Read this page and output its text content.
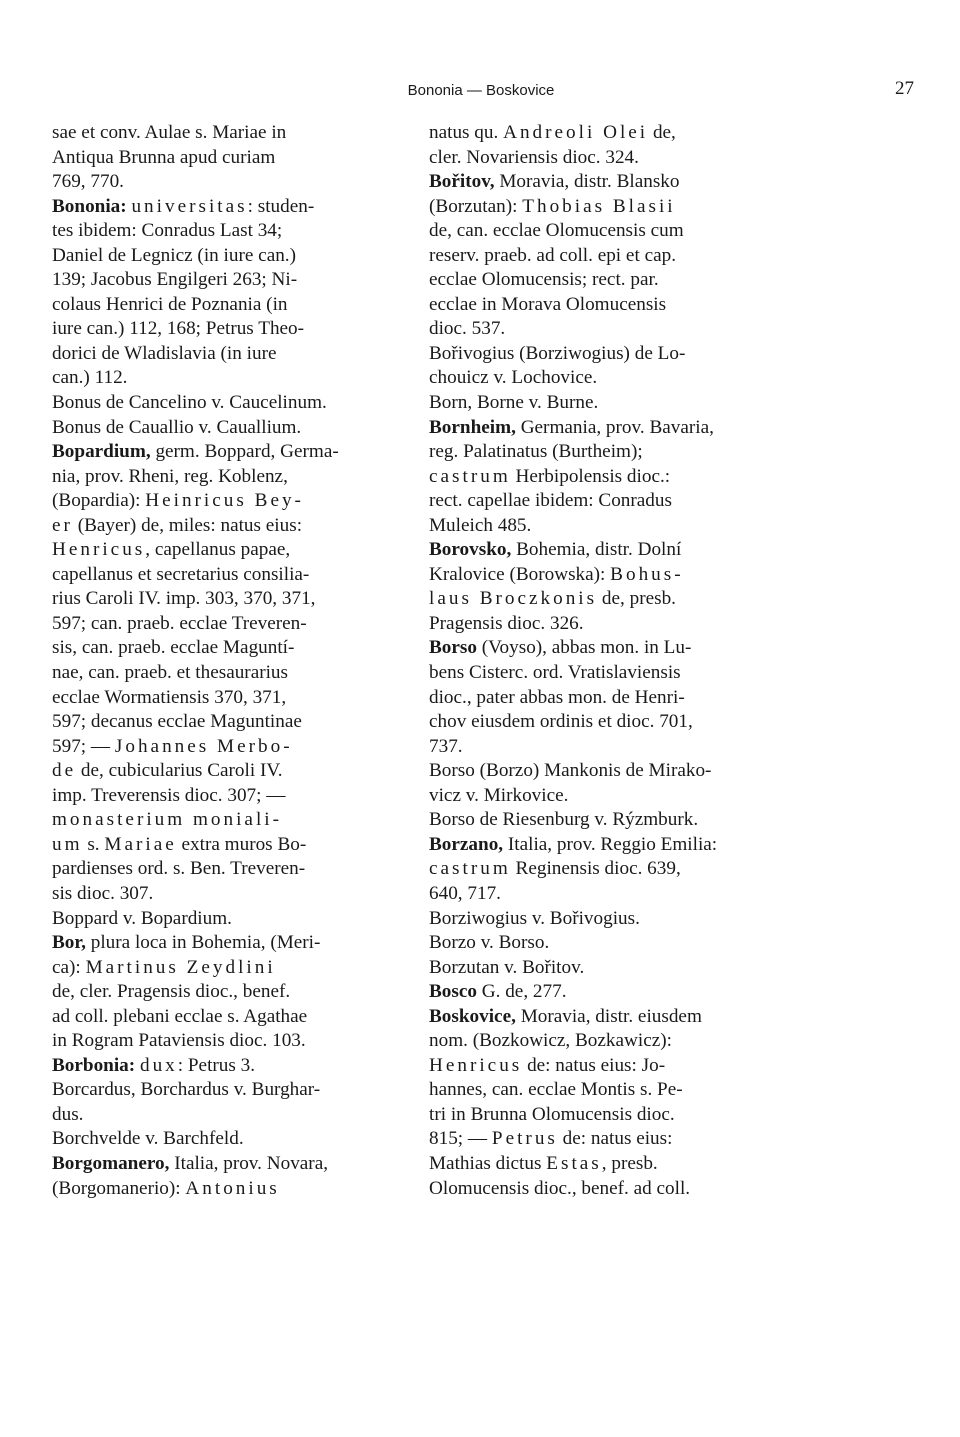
Bononia — Boskovice	27
sae et conv. Aulae s. Mariae in
Antiqua Brunna apud curiam
769, 770.
Bononia: universitas: studen-
tes ibidem: Conradus Last 34;
Daniel de Legnicz (in iure can.)
139; Jacobus Engilgeri 263; Ni-
colaus Henrici de Poznania (in
iure can.) 112, 168; Petrus Theo-
dorici de Wladislavia (in iure
can.) 112.
Bonus de Cancelino v. Caucelinum.
Bonus de Cauallio v. Cauallium.
Bopardium, germ. Boppard, Germa-
nia, prov. Rheni, reg. Koblenz,
(Bopardia): Heinricus Bey-
er (Bayer) de, miles: natus eius:
Henricus, capellanus papae,
capellanus et secretarius consilia-
rius Caroli IV. imp. 303, 370, 371,
597; can. praeb. ecclae Treveren-
sis, can. praeb. ecclae Maguntí-
nae, can. praeb. et thesaurarius
ecclae Wormatiensis 370, 371,
597; decanus ecclae Maguntinae
597; — Johannes Merbo-
de de, cubicularius Caroli IV.
imp. Treverensis dioc. 307; —
monasterium moniali-
um s. Mariae extra muros Bo-
pardienses ord. s. Ben. Treveren-
sis dioc. 307.
Boppard v. Bopardium.
Bor, plura loca in Bohemia, (Meri-
ca): Martinus Zeydlini
de, cler. Pragensis dioc., benef.
ad coll. plebani ecclae s. Agathae
in Rogram Pataviensis dioc. 103.
Borbonia: dux: Petrus 3.
Borcardus, Borchardus v. Burghar-
dus.
Borchvelde v. Barchfeld.
Borgomanero, Italia, prov. Novara,
(Borgomanerio): Antonius
natus qu. Andreoli Olei de,
cler. Novariensis dioc. 324.
Bořitov, Moravia, distr. Blansko
(Borzutan): Thobias Blasii
de, can. ecclae Olomucensis cum
reserv. praeb. ad coll. epi et cap.
ecclae Olomucensis; rect. par.
ecclae in Morava Olomucensis
dioc. 537.
Bořivogius (Borziwogius) de Lo-
chouicz v. Lochovice.
Born, Borne v. Burne.
Bornheim, Germania, prov. Bavaria,
reg. Palatinatus (Burtheim);
castrum Herbipolensis dioc.:
rect. capellae ibidem: Conradus
Muleich 485.
Borovsko, Bohemia, distr. Dolní
Kralovice (Borowska): Bohus-
laus Broczkonis de, presb.
Pragensis dioc. 326.
Borso (Voyso), abbas mon. in Lu-
bens Cisterc. ord. Vratislaviensis
dioc., pater abbas mon. de Henri-
chov eiusdem ordinis et dioc. 701,
737.
Borso (Borzo) Mankonis de Mirako-
vicz v. Mirkovice.
Borso de Riesenburg v. Rýzmburk.
Borzano, Italia, prov. Reggio Emilia:
castrum Reginensis dioc. 639,
640, 717.
Borziwogius v. Bořivogius.
Borzo v. Borso.
Borzutan v. Bořitov.
Bosco G. de, 277.
Boskovice, Moravia, distr. eiusdem
nom. (Bozkowicz, Bozkawicz):
Henricus de: natus eius: Jo-
hannes, can. ecclae Montis s. Pe-
tri in Brunna Olomucensis dioc.
815; — Petrus de: natus eius:
Mathias dictus Estas, presb.
Olomucensis dioc., benef. ad coll.
